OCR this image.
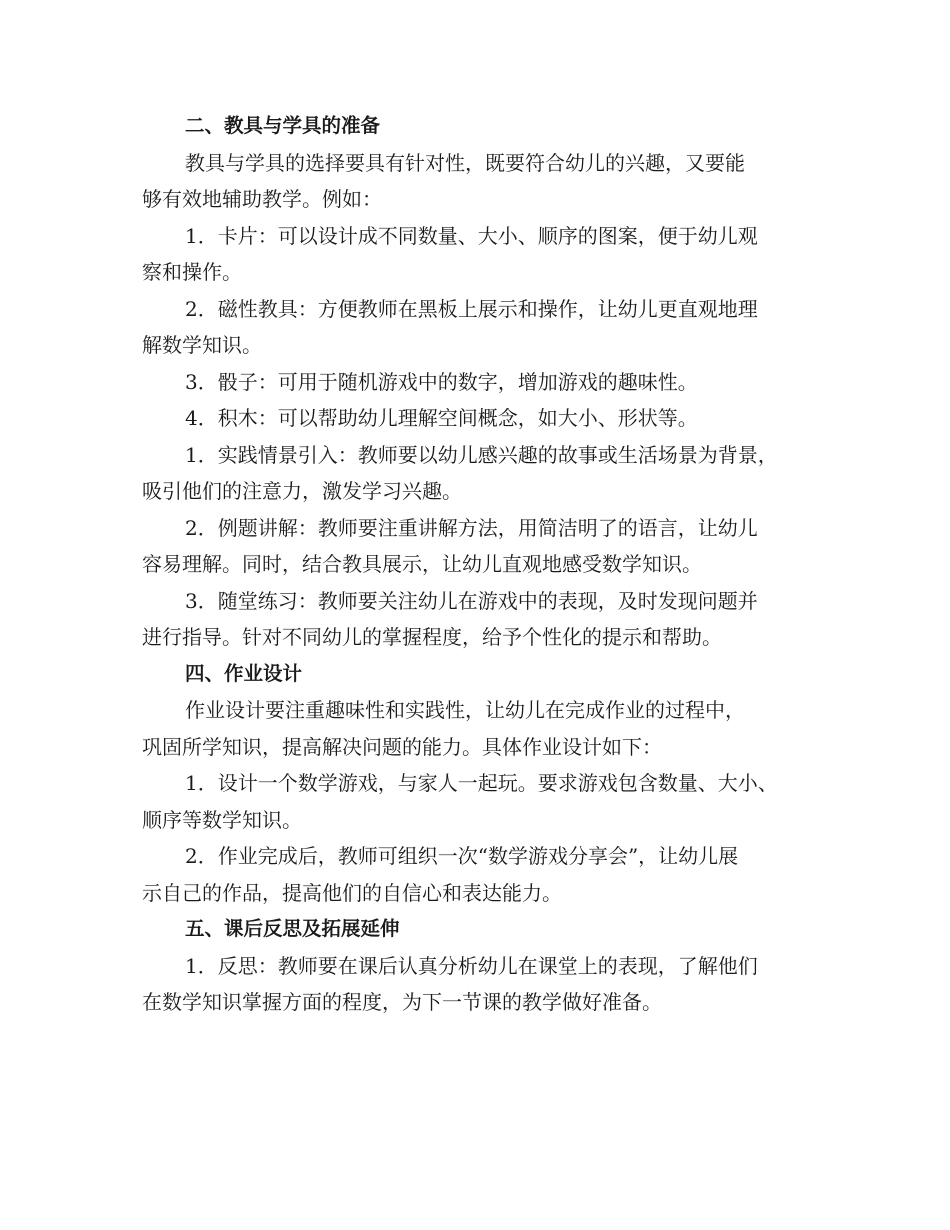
二、教具与学具的准备
教具与学具的选择要具有针对性，既要符合幼儿的兴趣，又要能
够有效地辅助教学。例如：
1．卡片：可以设计成不同数量、大小、顺序的图案，便于幼儿观
察和操作。
2．磁性教具：方便教师在黑板上展示和操作，让幼儿更直观地理
解数学知识。
3．骰子：可用于随机游戏中的数字，增加游戏的趣味性。
4．积木：可以帮助幼儿理解空间概念，如大小、形状等。
1．实践情景引入：教师要以幼儿感兴趣的故事或生活场景为背景，
吸引他们的注意力，激发学习兴趣。
2．例题讲解：教师要注重讲解方法，用简洁明了的语言，让幼儿
容易理解。同时，结合教具展示，让幼儿直观地感受数学知识。
3．随堂练习：教师要关注幼儿在游戏中的表现，及时发现问题并
进行指导。针对不同幼儿的掌握程度，给予个性化的提示和帮助。
四、作业设计
作业设计要注重趣味性和实践性，让幼儿在完成作业的过程中，
巩固所学知识，提高解决问题的能力。具体作业设计如下：
1．设计一个数学游戏，与家人一起玩。要求游戏包含数量、大小、
顺序等数学知识。
2．作业完成后，教师可组织一次“数学游戏分享会”，让幼儿展
示自己的作品，提高他们的自信心和表达能力。
五、课后反思及拓展延伸
1．反思：教师要在课后认真分析幼儿在课堂上的表现，了解他们
在数学知识掌握方面的程度，为下一节课的教学做好准备。
